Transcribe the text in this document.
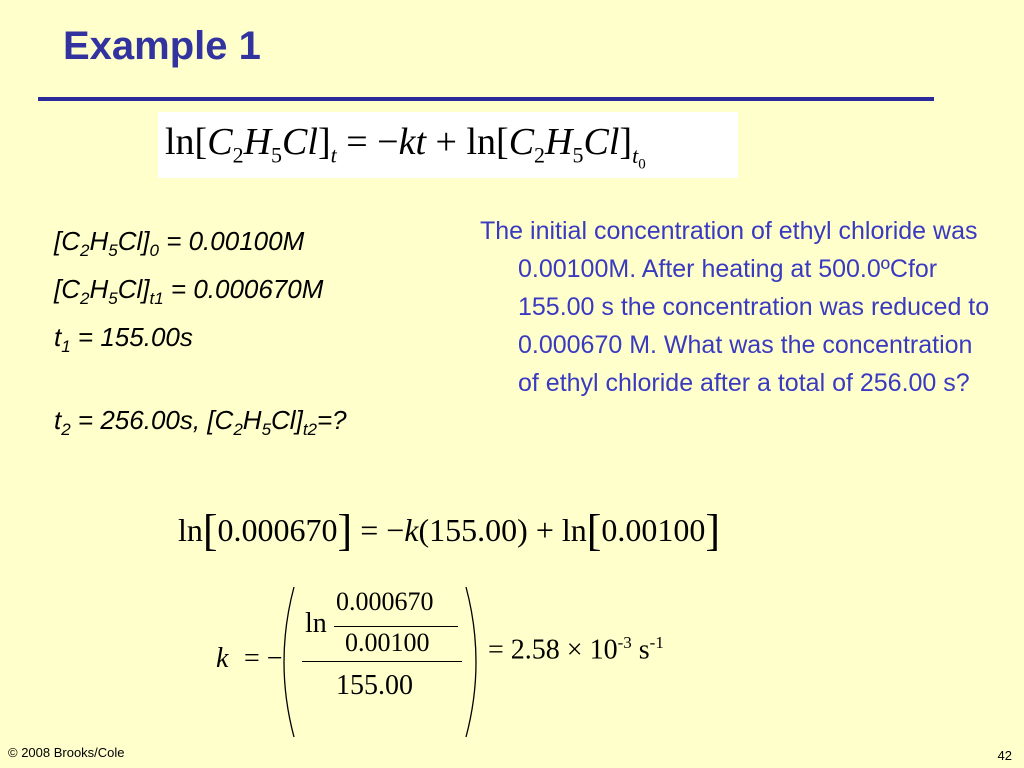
Example 1
$\ln[C_2H_5Cl]_t = -kt + \ln[C_2H_5Cl]_{t_0}$
$[C_2H_5Cl]_0 = 0.00100M$
$[C_2H_5Cl]_{t1} = 0.000670M$
$t_1 = 155.00s$
$t_2 = 256.00s$, $[C_2H_5Cl]_{t2}=$?

The initial concentration of ethyl chloride was 0.00100M. After heating at 500.0ºCfor 155.00 s the concentration was reduced to 0.000670 M. What was the concentration of ethyl chloride after a total of 256.00 s?

ln[0.000670] = −k(155.00) + ln[0.00100]
k = −
ln
0.000670
0.00100
155.00
= $2.58 \times 10^{-3}$ $s^{-1}$
© 2008 Brooks/Cole	42
